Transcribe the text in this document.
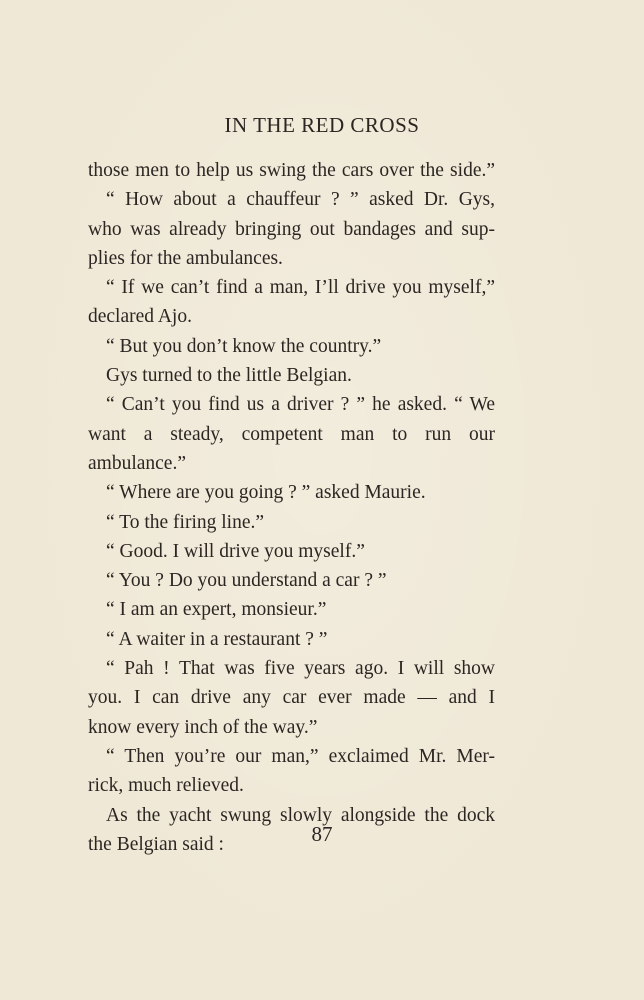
IN THE RED CROSS
those men to help us swing the cars over the side.”
“ How about a chauffeur ? ” asked Dr. Gys,
who was already bringing out bandages and sup-
plies for the ambulances.
“ If we can’t find a man, I’ll drive you myself,”
declared Ajo.
“ But you don’t know the country.”
Gys turned to the little Belgian.
“ Can’t you find us a driver ? ” he asked. “ We
want a steady, competent man to run our
ambulance.”
“ Where are you going ? ” asked Maurie.
“ To the firing line.”
“ Good. I will drive you myself.”
“ You ? Do you understand a car ? ”
“ I am an expert, monsieur.”
“ A waiter in a restaurant ? ”
“ Pah ! That was five years ago. I will show
you. I can drive any car ever made — and I
know every inch of the way.”
“ Then you’re our man,” exclaimed Mr. Mer-
rick, much relieved.
As the yacht swung slowly alongside the dock
the Belgian said :	87
